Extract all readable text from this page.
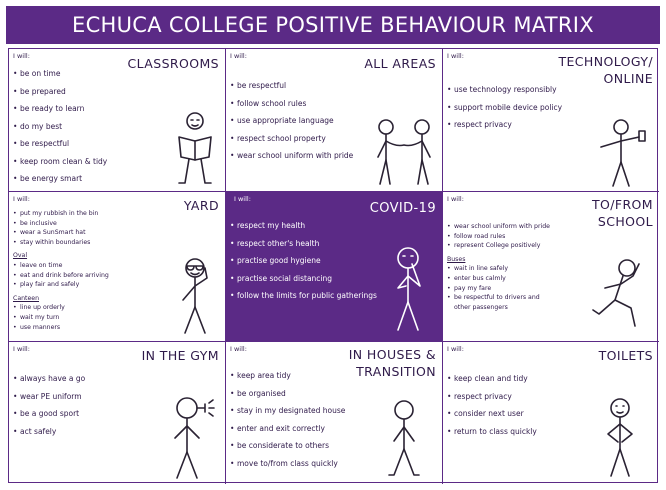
ECHUCA COLLEGE POSITIVE BEHAVIOUR MATRIX
I will:	CLASSROOMS
• be on time
• be prepared
• be ready to learn
• do my best
• be respectful
• keep room clean & tidy
• be energy smart
I will:	ALL AREAS
• be respectful
• follow school rules
• use appropriate language
• respect school property
• wear school uniform with pride
I will:	TECHNOLOGY/
ONLINE
• use technology responsibly
• support mobile device policy
• respect privacy
I will:	YARD
• put my rubbish in the bin
• be inclusive
• wear a SunSmart hat
• stay within boundaries
Oval
• leave on time
• eat and drink before arriving
• play fair and safely
Canteen
• line up orderly
• wait my turn
• use manners
I will:
COVID-19
• respect my health
• respect other's health
• practise good hygiene
• practise social distancing
• follow the limits for public gatherings
I will:	TO/FROM
SCHOOL
• wear school uniform with pride
• follow road rules
• represent College positively
Buses
• wait in line safely
• enter bus calmly
• pay my fare
• be respectful to drivers and
other passengers
I will:	IN THE GYM
• always have a go
• wear PE uniform
• be a good sport
• act safely
I will:	IN HOUSES &
TRANSITION
• keep area tidy
• be organised
• stay in my designated house
• enter and exit correctly
• be considerate to others
• move to/from class quickly
I will:	TOILETS
• keep clean and tidy
• respect privacy
• consider next user
• return to class quickly
